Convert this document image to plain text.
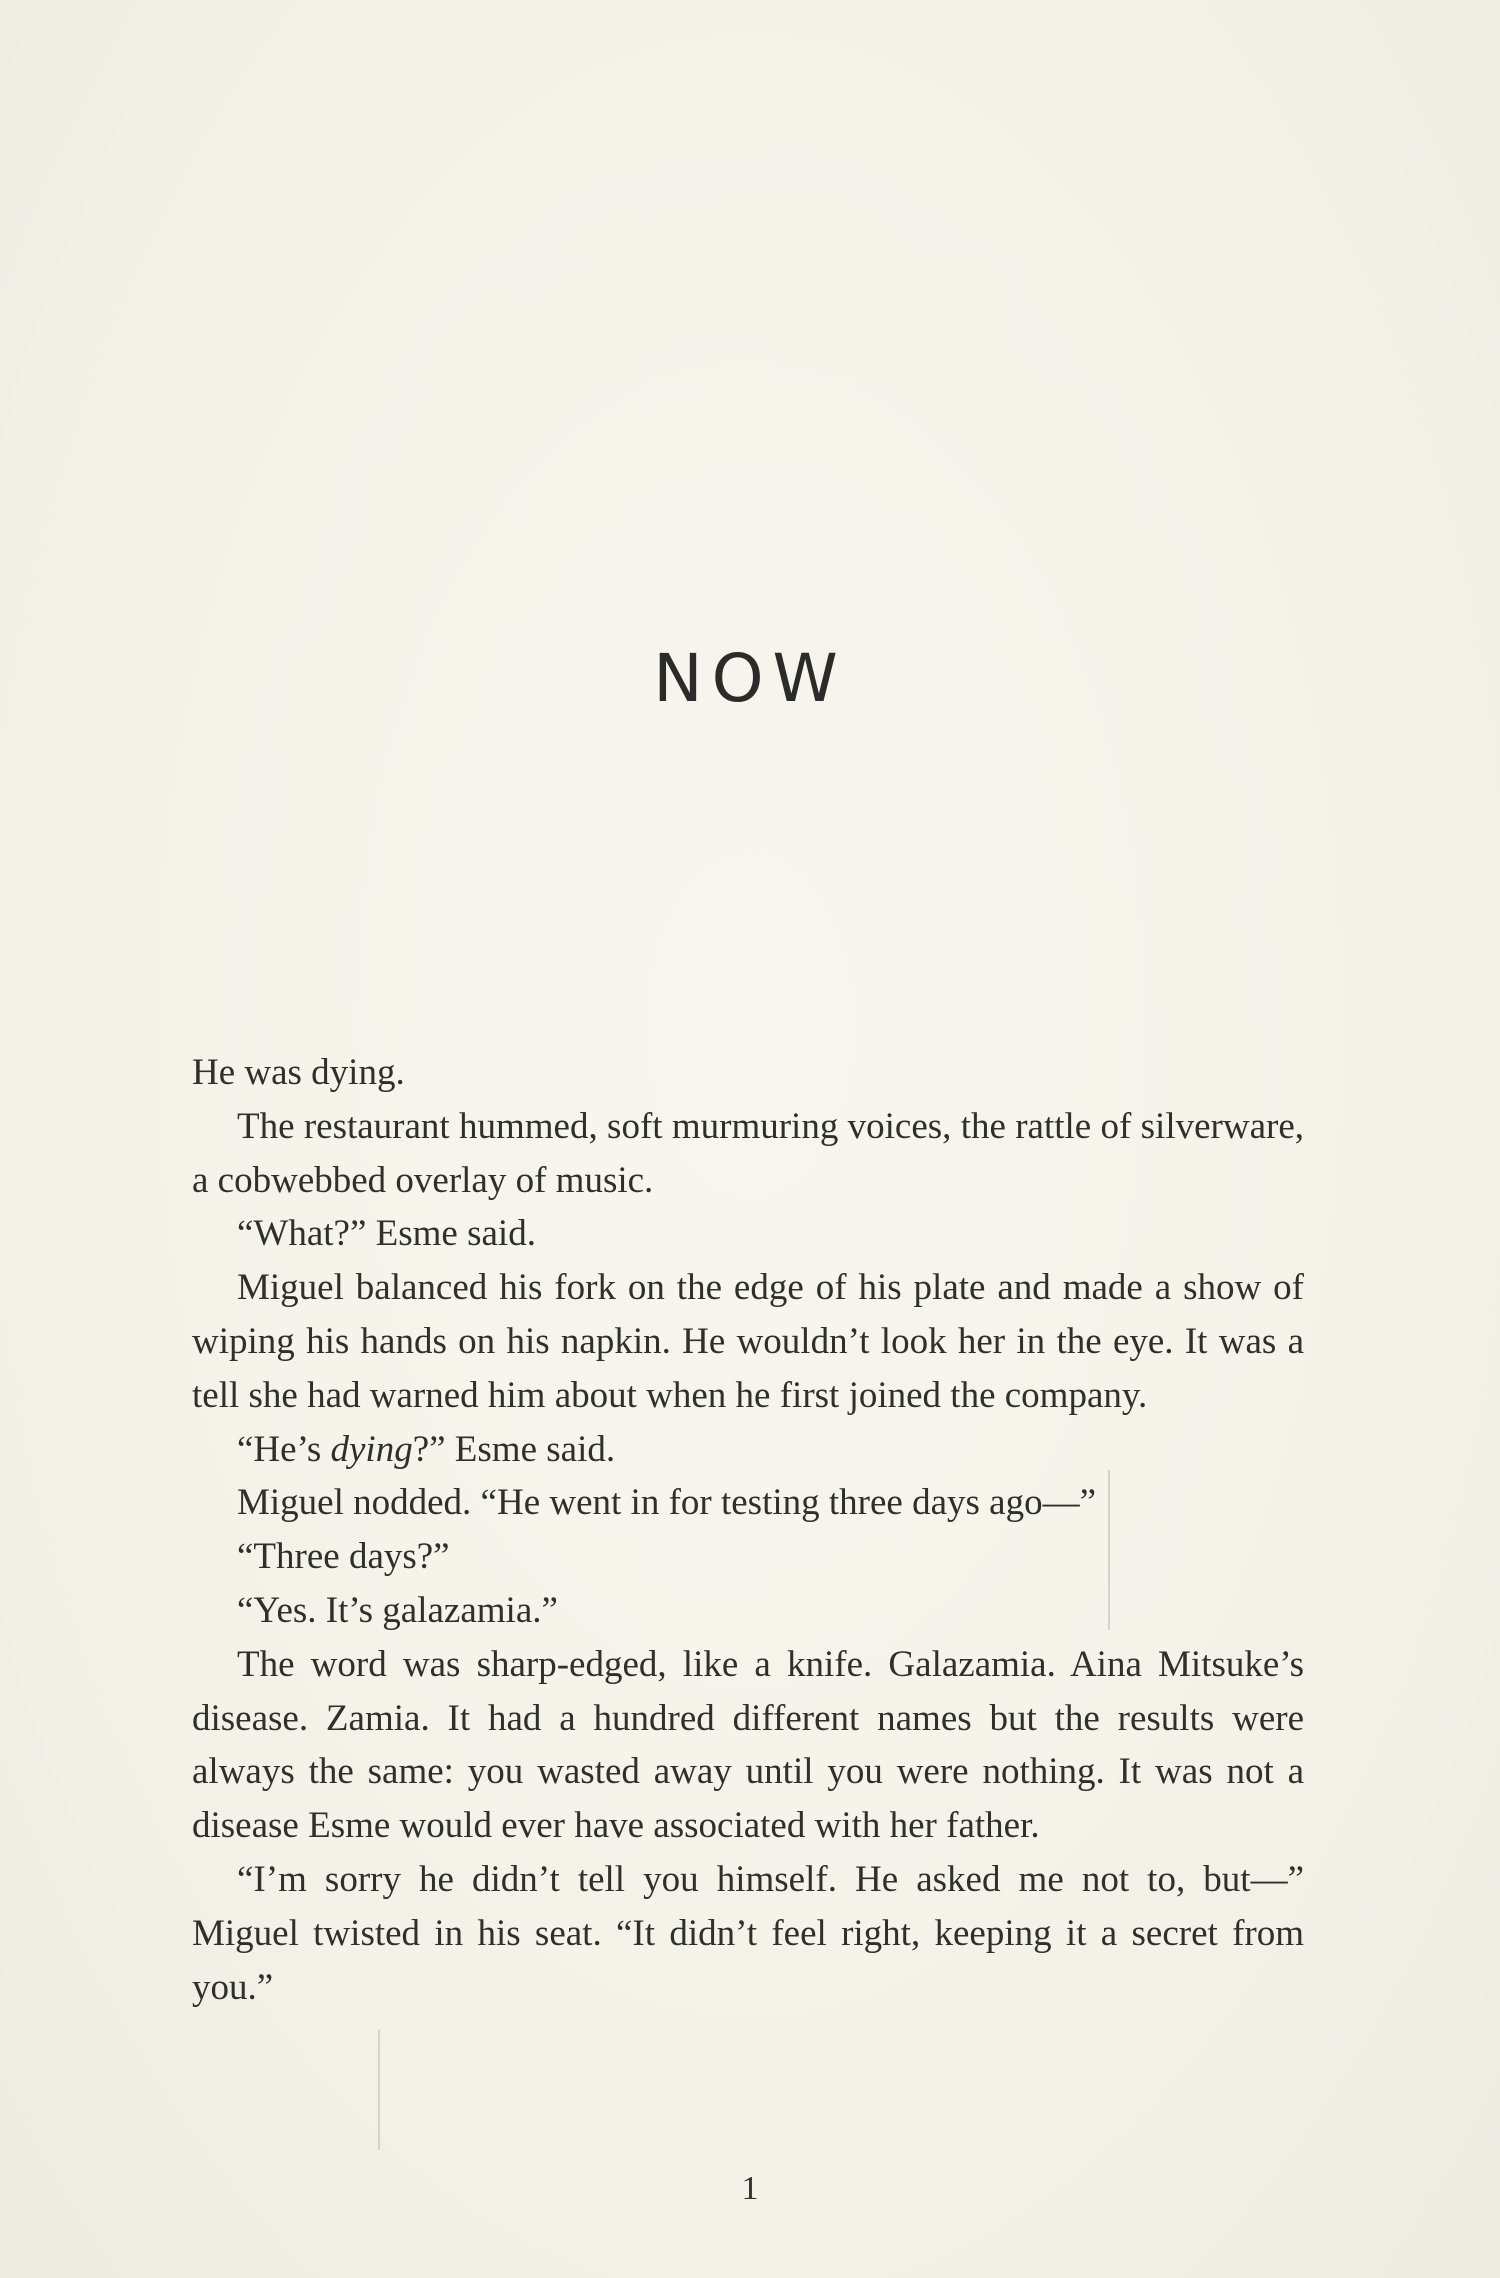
NOW

He was dying.

The restaurant hummed, soft murmuring voices, the rattle of silverware, a cobwebbed overlay of music.

“What?” Esme said.

Miguel balanced his fork on the edge of his plate and made a show of wiping his hands on his napkin. He wouldn’t look her in the eye. It was a tell she had warned him about when he first joined the company.

“He’s dying?” Esme said.

Miguel nodded. “He went in for testing three days ago—”

“Three days?”

“Yes. It’s galazamia.”

The word was sharp-edged, like a knife. Galazamia. Aina Mitsuke’s disease. Zamia. It had a hundred different names but the results were always the same: you wasted away until you were nothing. It was not a disease Esme would ever have associated with her father.

“I’m sorry he didn’t tell you himself. He asked me not to, but—” Miguel twisted in his seat. “It didn’t feel right, keeping it a secret from you.”

1
